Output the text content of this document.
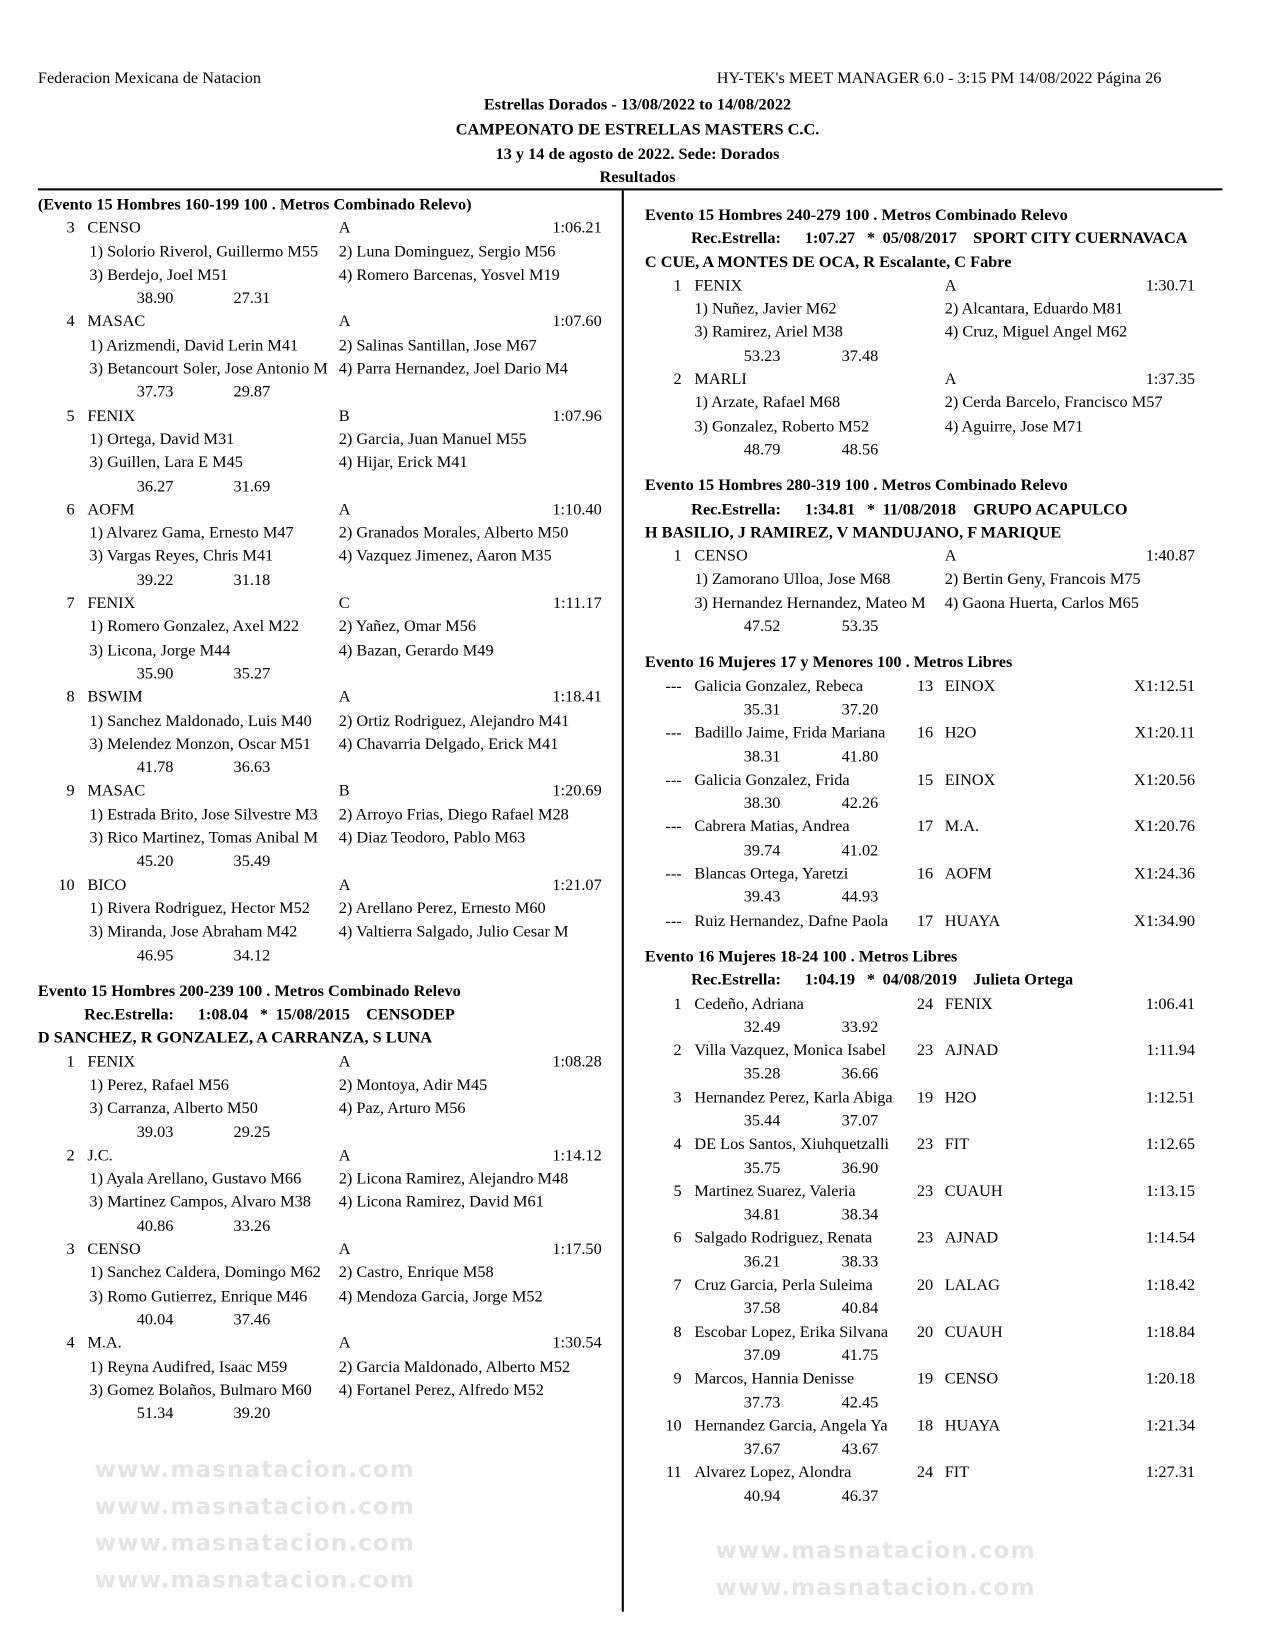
Federacion Mexicana de Natacion	HY-TEK's MEET MANAGER 6.0 - 3:15 PM 14/08/2022 Página 26
Estrellas Dorados - 13/08/2022 to 14/08/2022
CAMPEONATO DE ESTRELLAS MASTERS C.C.
13 y 14 de agosto de 2022. Sede: Dorados
Resultados
www.masnatacion.com
www.masnatacion.com
www.masnatacion.com
www.masnatacion.com
www.masnatacion.com
www.masnatacion.com
(Evento 15 Hombres 160-199 100 . Metros Combinado Relevo)
3 CENSO	A	1:06.21
1) Solorio Riverol, Guillermo M55	2) Luna Dominguez, Sergio M56
3) Berdejo, Joel M51	4) Romero Barcenas, Yosvel M19
38.90	27.31
4 MASAC	A	1:07.60
1) Arizmendi, David Lerin M41	2) Salinas Santillan, Jose M67
3) Betancourt Soler, Jose Antonio M 4) Parra Hernandez, Joel Dario M4
37.73	29.87
5 FENIX	B	1:07.96
1) Ortega, David M31	2) Garcia, Juan Manuel M55
3) Guillen, Lara E M45	4) Hijar, Erick M41
36.27	31.69
6 AOFM	A	1:10.40
1) Alvarez Gama, Ernesto M47	2) Granados Morales, Alberto M50
3) Vargas Reyes, Chris M41	4) Vazquez Jimenez, Aaron M35
39.22	31.18
7 FENIX	C	1:11.17
1) Romero Gonzalez, Axel M22	2) Yañez, Omar M56
3) Licona, Jorge M44	4) Bazan, Gerardo M49
35.90	35.27
8 BSWIM	A	1:18.41
1) Sanchez Maldonado, Luis M40	2) Ortiz Rodriguez, Alejandro M41
3) Melendez Monzon, Oscar M51	4) Chavarria Delgado, Erick M41
41.78	36.63
9 MASAC	B	1:20.69
1) Estrada Brito, Jose Silvestre M3	2) Arroyo Frias, Diego Rafael M28
3) Rico Martinez, Tomas Anibal M	4) Diaz Teodoro, Pablo M63
45.20	35.49
10 BICO	A	1:21.07
1) Rivera Rodriguez, Hector M52	2) Arellano Perez, Ernesto M60
3) Miranda, Jose Abraham M42	4) Valtierra Salgado, Julio Cesar M
46.95	34.12
Evento 15 Hombres 200-239 100 . Metros Combinado Relevo
Rec.Estrella: 1:08.04 * 15/08/2015 CENSODEP
D SANCHEZ, R GONZALEZ, A CARRANZA, S LUNA
1 FENIX	A	1:08.28
1) Perez, Rafael M56	2) Montoya, Adir M45
3) Carranza, Alberto M50	4) Paz, Arturo M56
39.03	29.25
2 J.C.	A	1:14.12
1) Ayala Arellano, Gustavo M66	2) Licona Ramirez, Alejandro M48
3) Martinez Campos, Alvaro M38	4) Licona Ramirez, David M61
40.86	33.26
3 CENSO	A	1:17.50
1) Sanchez Caldera, Domingo M62	2) Castro, Enrique M58
3) Romo Gutierrez, Enrique M46	4) Mendoza Garcia, Jorge M52
40.04	37.46
4 M.A.	A	1:30.54
1) Reyna Audifred, Isaac M59	2) Garcia Maldonado, Alberto M52
3) Gomez Bolaños, Bulmaro M60	4) Fortanel Perez, Alfredo M52
51.34	39.20
Evento 15 Hombres 240-279 100 . Metros Combinado Relevo
Rec.Estrella: 1:07.27 * 05/08/2017 SPORT CITY CUERNAVACA
C CUE, A MONTES DE OCA, R Escalante, C Fabre
1 FENIX	A	1:30.71
1) Nuñez, Javier M62	2) Alcantara, Eduardo M81
3) Ramirez, Ariel M38	4) Cruz, Miguel Angel M62
53.23	37.48
2 MARLI	A	1:37.35
1) Arzate, Rafael M68	2) Cerda Barcelo, Francisco M57
3) Gonzalez, Roberto M52	4) Aguirre, Jose M71
48.79	48.56
Evento 15 Hombres 280-319 100 . Metros Combinado Relevo
Rec.Estrella: 1:34.81 * 11/08/2018 GRUPO ACAPULCO
H BASILIO, J RAMIREZ, V MANDUJANO, F MARIQUE
1 CENSO	A	1:40.87
1) Zamorano Ulloa, Jose M68	2) Bertin Geny, Francois M75
3) Hernandez Hernandez, Mateo M	4) Gaona Huerta, Carlos M65
47.52	53.35
Evento 16 Mujeres 17 y Menores 100 . Metros Libres
--- Galicia Gonzalez, Rebeca	13 EINOX	X1:12.51
35.31	37.20
--- Badillo Jaime, Frida Mariana	16 H2O	X1:20.11
38.31	41.80
--- Galicia Gonzalez, Frida	15 EINOX	X1:20.56
38.30	42.26
--- Cabrera Matias, Andrea	17 M.A.	X1:20.76
39.74	41.02
--- Blancas Ortega, Yaretzi	16 AOFM	X1:24.36
39.43	44.93
--- Ruiz Hernandez, Dafne Paola	17 HUAYA	X1:34.90
Evento 16 Mujeres 18-24 100 . Metros Libres
Rec.Estrella: 1:04.19 * 04/08/2019 Julieta Ortega
1 Cedeño, Adriana	24 FENIX	1:06.41
32.49	33.92
2 Villa Vazquez, Monica Isabel	23 AJNAD	1:11.94
35.28	36.66
3 Hernandez Perez, Karla Abiga	19 H2O	1:12.51
35.44	37.07
4 DE Los Santos, Xiuhquetzalli	23 FIT	1:12.65
35.75	36.90
5 Martinez Suarez, Valeria	23 CUAUH	1:13.15
34.81	38.34
6 Salgado Rodriguez, Renata	23 AJNAD	1:14.54
36.21	38.33
7 Cruz Garcia, Perla Suleima	20 LALAG	1:18.42
37.58	40.84
8 Escobar Lopez, Erika Silvana	20 CUAUH	1:18.84
37.09	41.75
9 Marcos, Hannia Denisse	19 CENSO	1:20.18
37.73	42.45
10 Hernandez Garcia, Angela Ya	18 HUAYA	1:21.34
37.67	43.67
11 Alvarez Lopez, Alondra	24 FIT	1:27.31
40.94	46.37
